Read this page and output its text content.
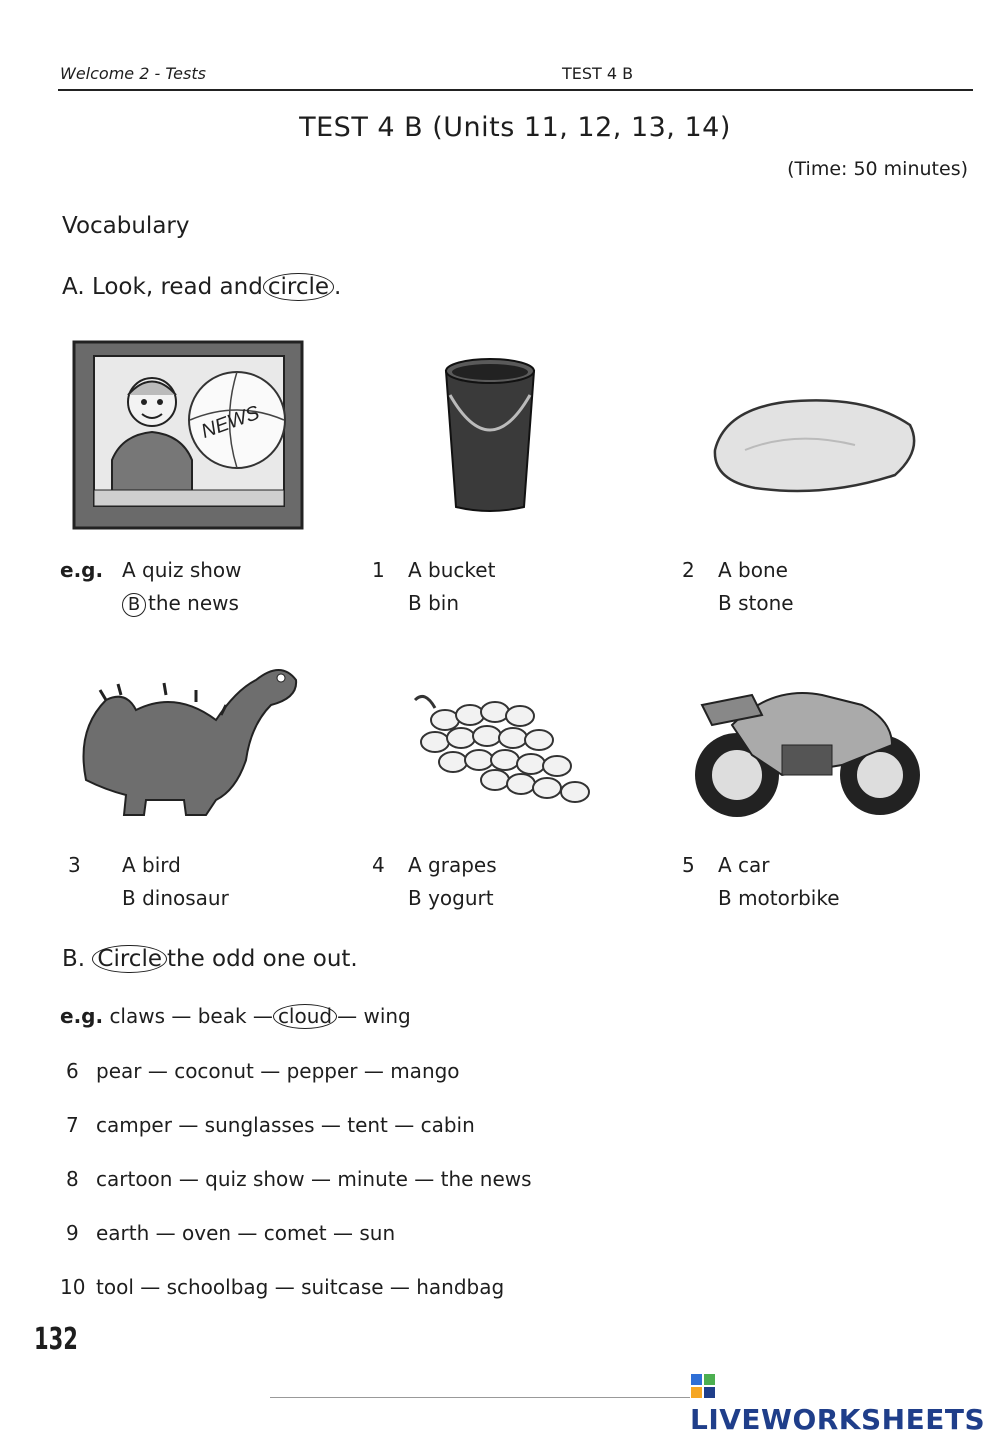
Welcome 2 - Tests	TEST 4 B
TEST 4 B (Units 11, 12, 13, 14)
(Time: 50 minutes)
Vocabulary
A. Look, read and circle .
NEWS
e.g. A quiz show
B the news
1 A bucket
B bin
2 A bone
B stone
3 A bird
B dinosaur
4 A grapes
B yogurt
5 A car
B motorbike
B. Circle the odd one out.
e.g. claws — beak — cloud — wing
6 pear — coconut — pepper — mango
7 camper — sunglasses — tent — cabin
8 cartoon — quiz show — minute — the news
9 earth — oven — comet — sun
10 tool — schoolbag — suitcase — handbag
132
LIVEWORKSHEETS
